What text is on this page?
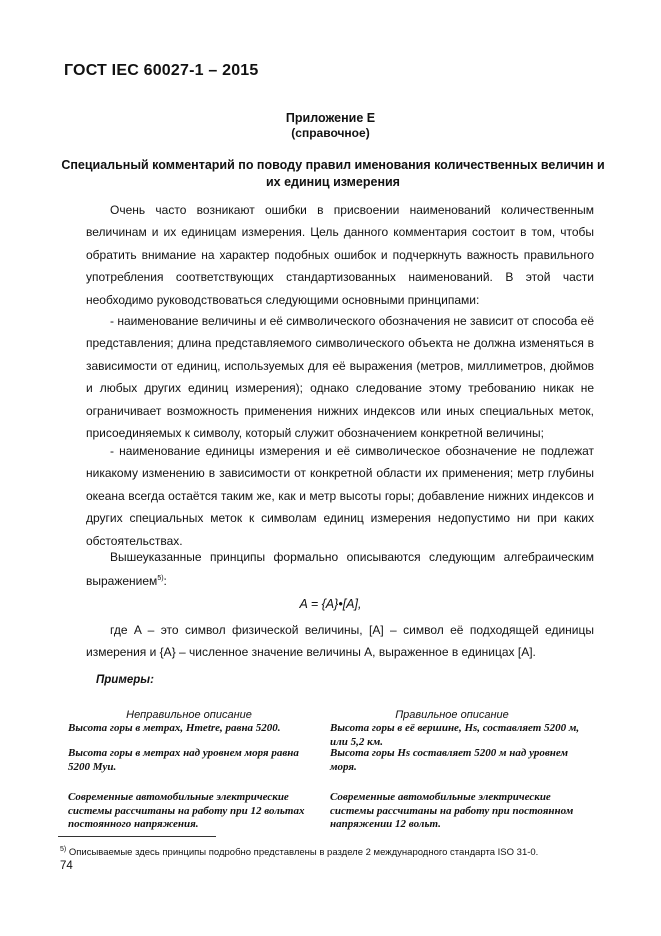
ГОСТ IEC 60027-1 – 2015
Приложение Е
(справочное)
Специальный комментарий по поводу правил именования количественных величин и их единиц измерения
Очень часто возникают ошибки в присвоении наименований количественным величинам и их единицам измерения. Цель данного комментария состоит в том, чтобы обратить внимание на характер подобных ошибок и подчеркнуть важность правильного употребления соответствующих стандартизованных наименований. В этой части необходимо руководствоваться следующими основными принципами:
- наименование величины и её символического обозначения не зависит от способа её представления; длина представляемого символического объекта не должна изменяться в зависимости от единиц, используемых для её выражения (метров, миллиметров, дюймов и любых других единиц измерения); однако следование этому требованию никак не ограничивает возможность применения нижних индексов или иных специальных меток, присоединяемых к символу, который служит обозначением конкретной величины;
- наименование единицы измерения и её символическое обозначение не подлежат никакому изменению в зависимости от конкретной области их применения; метр глубины океана всегда остаётся таким же, как и метр высоты горы; добавление нижних индексов и других специальных меток к символам единиц измерения недопустимо ни при каких обстоятельствах.
Вышеуказанные принципы формально описываются следующим алгебраическим выражением$^{5)}$:
A = {A}•[A],
где A – это символ физической величины, [A] – символ её подходящей единицы измерения и {A} – численное значение величины A, выраженное в единицах [A].
Примеры:
Неправильное описание	Правильное описание
Высота горы в метрах, Hmetre, равна 5200.
Высота горы в метрах над уровнем моря равна 5200 Мyu.
Современные автомобильные электрические системы рассчитаны на работу при 12 вольтах постоянного напряжения.
Высота горы в её вершине, Hs, составляет 5200 м, или 5,2 км.
Высота горы Hs составляет 5200 м над уровнем моря.
Современные автомобильные электрические системы рассчитаны на работу при постоянном напряжении 12 вольт.
$^{5)}$ Описываемые здесь принципы подробно представлены в разделе 2 международного стандарта ISO 31-0.
74
